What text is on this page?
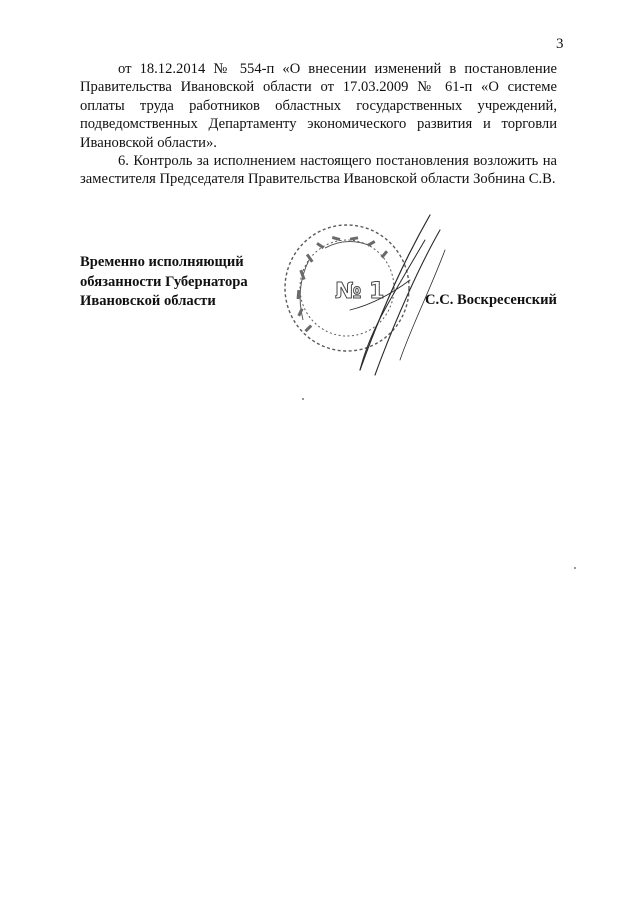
3

от 18.12.2014 № 554-п «О внесении изменений в постановление Правительства Ивановской области от 17.03.2009 № 61-п «О системе оплаты труда работников областных государственных учреждений, подведомственных Департаменту экономического развития и торговли Ивановской области».

6. Контроль за исполнением настоящего постановления возложить на заместителя Председателя Правительства Ивановской области Зобнина С.В.

Временно исполняющий
обязанности Губернатора
Ивановской области	№ 1	С.С. Воскресенский
